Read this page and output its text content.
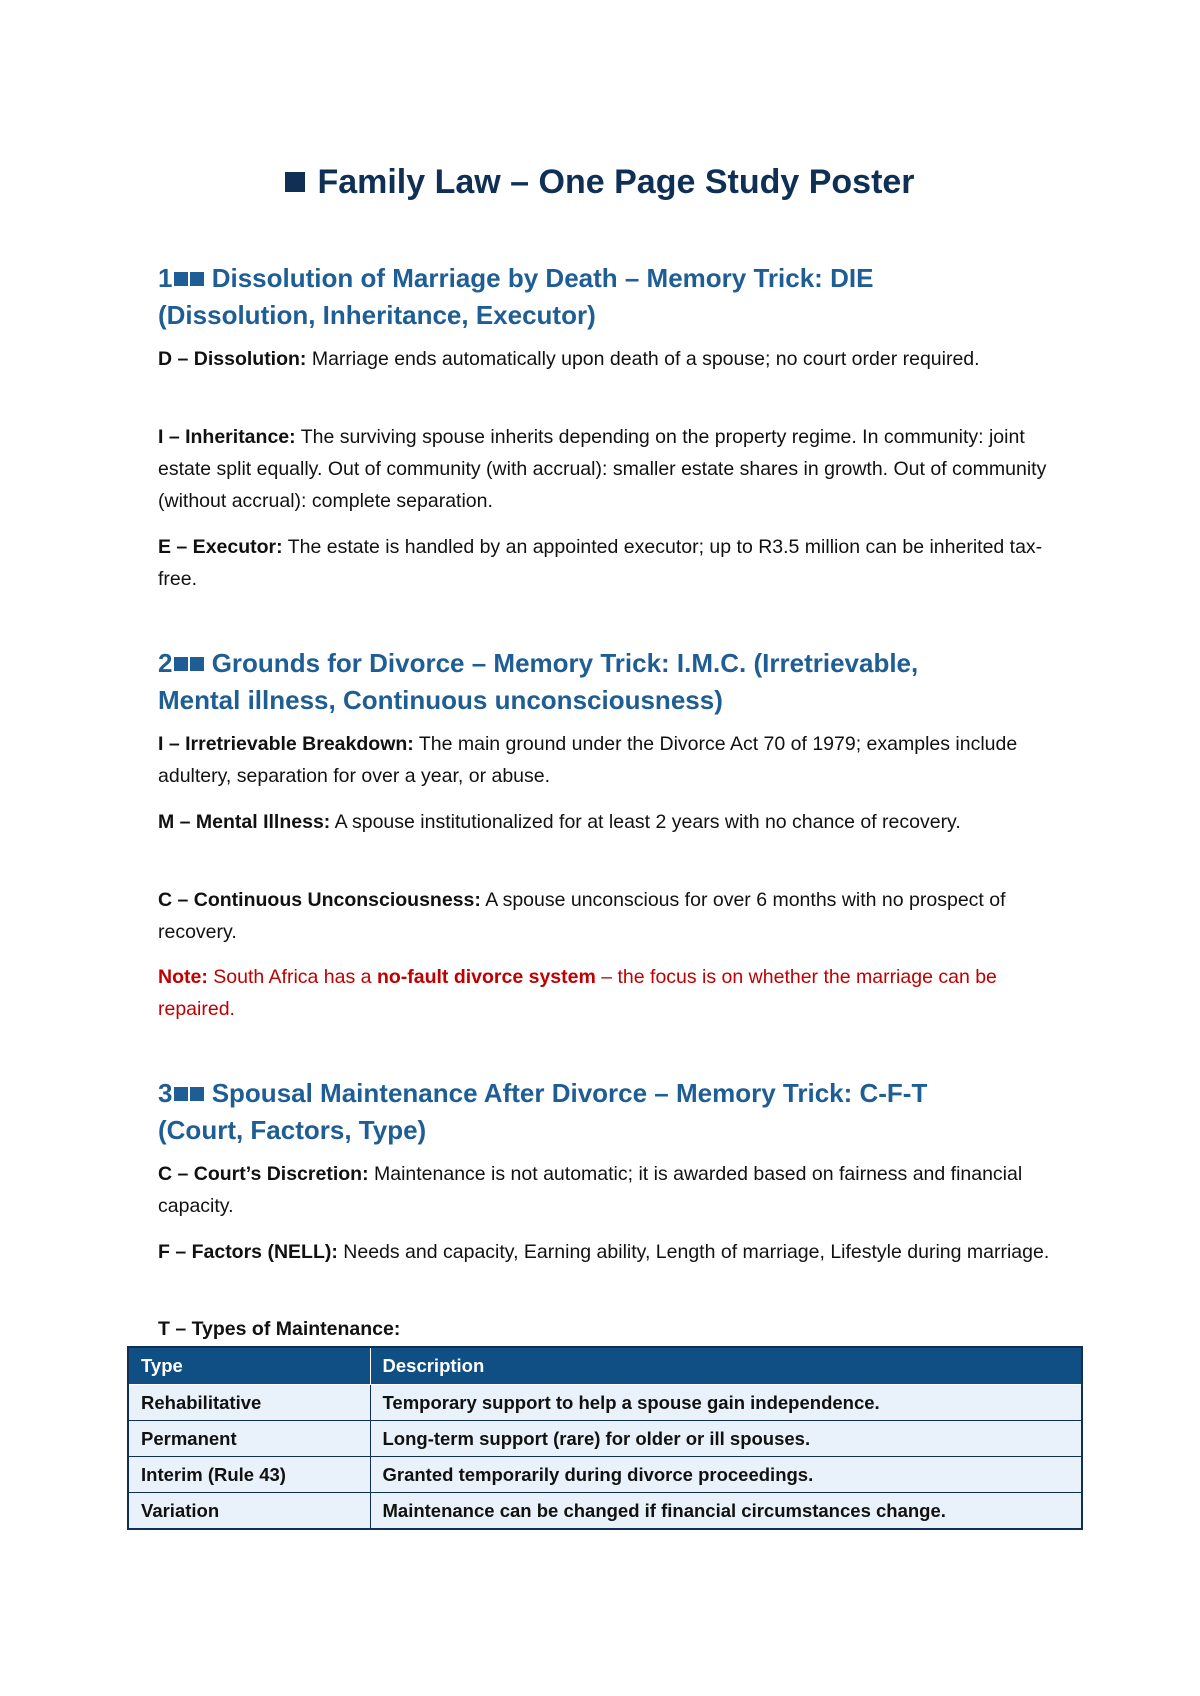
Family Law – One Page Study Poster
1 Dissolution of Marriage by Death – Memory Trick: DIE
(Dissolution, Inheritance, Executor)
D – Dissolution: Marriage ends automatically upon death of a spouse; no court order required.
I – Inheritance: The surviving spouse inherits depending on the property regime. In community: joint estate split equally. Out of community (with accrual): smaller estate shares in growth. Out of community (without accrual): complete separation.
E – Executor: The estate is handled by an appointed executor; up to R3.5 million can be inherited tax-free.
2 Grounds for Divorce – Memory Trick: I.M.C. (Irretrievable,
Mental illness, Continuous unconsciousness)
I – Irretrievable Breakdown: The main ground under the Divorce Act 70 of 1979; examples include adultery, separation for over a year, or abuse.
M – Mental Illness: A spouse institutionalized for at least 2 years with no chance of recovery.
C – Continuous Unconsciousness: A spouse unconscious for over 6 months with no prospect of recovery.
Note: South Africa has a no-fault divorce system – the focus is on whether the marriage can be repaired.
3 Spousal Maintenance After Divorce – Memory Trick: C-F-T
(Court, Factors, Type)
C – Court’s Discretion: Maintenance is not automatic; it is awarded based on fairness and financial capacity.
F – Factors (NELL): Needs and capacity, Earning ability, Length of marriage, Lifestyle during marriage.
T – Types of Maintenance:
Type	Description
Rehabilitative	Temporary support to help a spouse gain independence.
Permanent	Long-term support (rare) for older or ill spouses.
Interim (Rule 43)	Granted temporarily during divorce proceedings.
Variation	Maintenance can be changed if financial circumstances change.
